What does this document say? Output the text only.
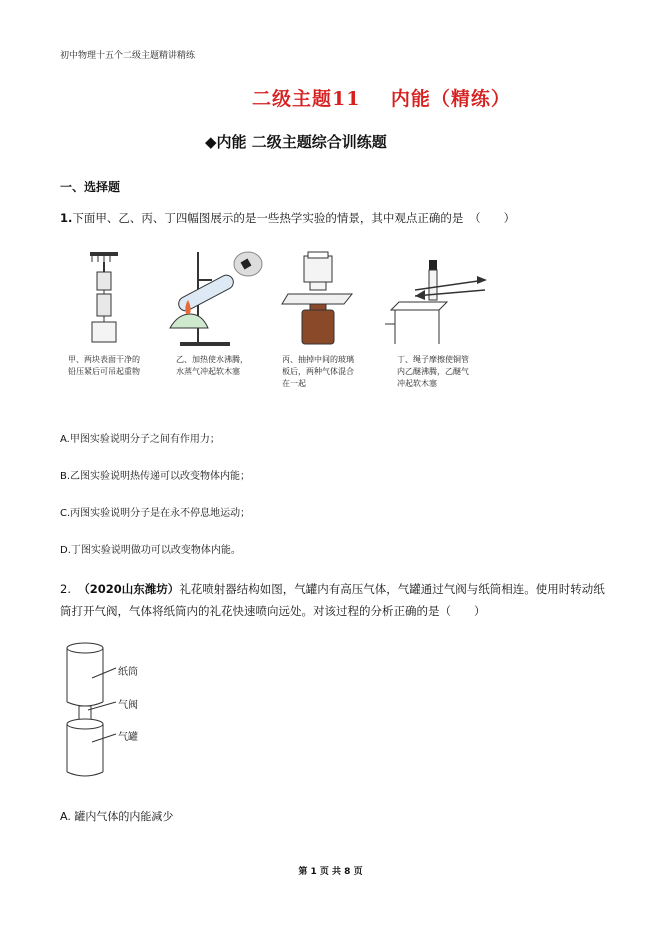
初中物理十五个二级主题精讲精练
二级主题11    内能（精练）
◆内能 二级主题综合训练题
一、选择题
1.下面甲、乙、丙、丁四幅图展示的是一些热学实验的情景，其中观点正确的是　（　　）
甲、两块表面干净的铅压紧后可吊起重物
乙、加热使水沸腾，水蒸气冲起软木塞
丙、抽掉中间的玻璃板后，两种气体混合在一起
丁、绳子摩擦使铜管内乙醚沸腾，乙醚气冲起软木塞
A.甲图实验说明分子之间有作用力；
B.乙图实验说明热传递可以改变物体内能；
C.丙图实验说明分子是在永不停息地运动；
D.丁图实验说明做功可以改变物体内能。
2. （2020山东潍坊）礼花喷射器结构如图，气罐内有高压气体，气罐通过气阀与纸筒相连。使用时转动纸筒打开气阀，气体将纸筒内的礼花快速喷向远处。对该过程的分析正确的是（　　）
纸筒
气阀
气罐
A. 罐内气体的内能减少
第 1 页 共 8 页
